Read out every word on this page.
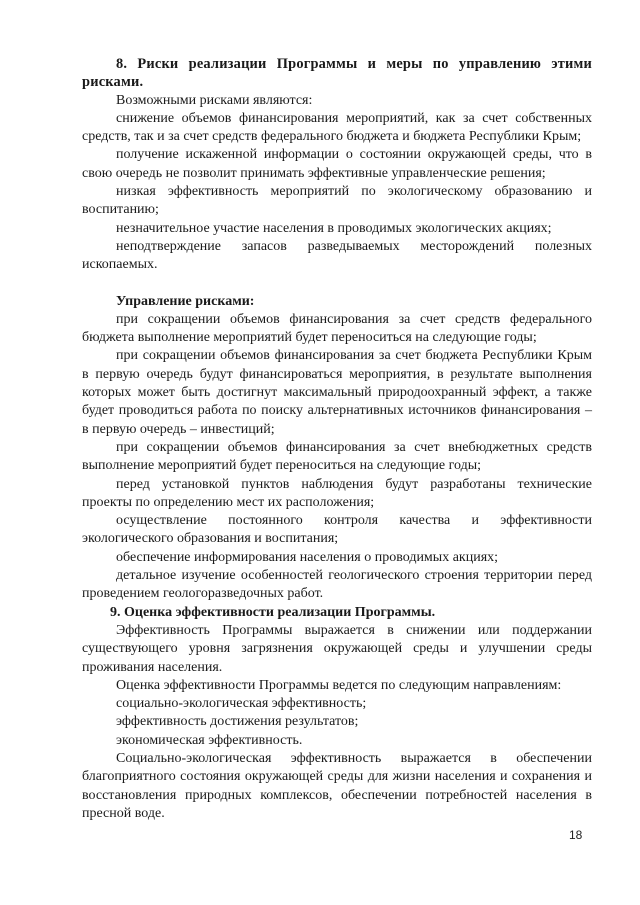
8. Риски реализации Программы и меры по управлению этими рисками.

Возможными рисками являются:

снижение объемов финансирования мероприятий, как за счет собственных средств, так и за счет средств федерального бюджета и бюджета Республики Крым;

получение искаженной информации о состоянии окружающей среды, что в свою очередь не позволит принимать эффективные управленческие решения;

низкая эффективность мероприятий по экологическому образованию и воспитанию;

незначительное участие населения в проводимых экологических акциях;

неподтверждение запасов разведываемых месторождений полезных ископаемых.

Управление рисками:

при сокращении объемов финансирования за счет средств федерального бюджета выполнение мероприятий будет переноситься на следующие годы;

при сокращении объемов финансирования за счет бюджета Республики Крым в первую очередь будут финансироваться мероприятия, в результате выполнения которых может быть достигнут максимальный природоохранный эффект, а также будет проводиться работа по поиску альтернативных источников финансирования – в первую очередь – инвестиций;

при сокращении объемов финансирования за счет внебюджетных средств выполнение мероприятий будет переноситься на следующие годы;

перед установкой пунктов наблюдения будут разработаны технические проекты по определению мест их расположения;

осуществление постоянного контроля качества и эффективности экологического образования и воспитания;

обеспечение информирования населения о проводимых акциях;

детальное изучение особенностей геологического строения территории перед проведением геологоразведочных работ.

9. Оценка эффективности реализации Программы.

Эффективность Программы выражается в снижении или поддержании существующего уровня загрязнения окружающей среды и улучшении среды проживания населения.

Оценка эффективности Программы ведется по следующим направлениям:

социально-экологическая эффективность;

эффективность достижения результатов;

экономическая эффективность.

Социально-экологическая эффективность выражается в обеспечении благоприятного состояния окружающей среды для жизни населения и сохранения и восстановления природных комплексов, обеспечении потребностей населения в пресной воде.

18
